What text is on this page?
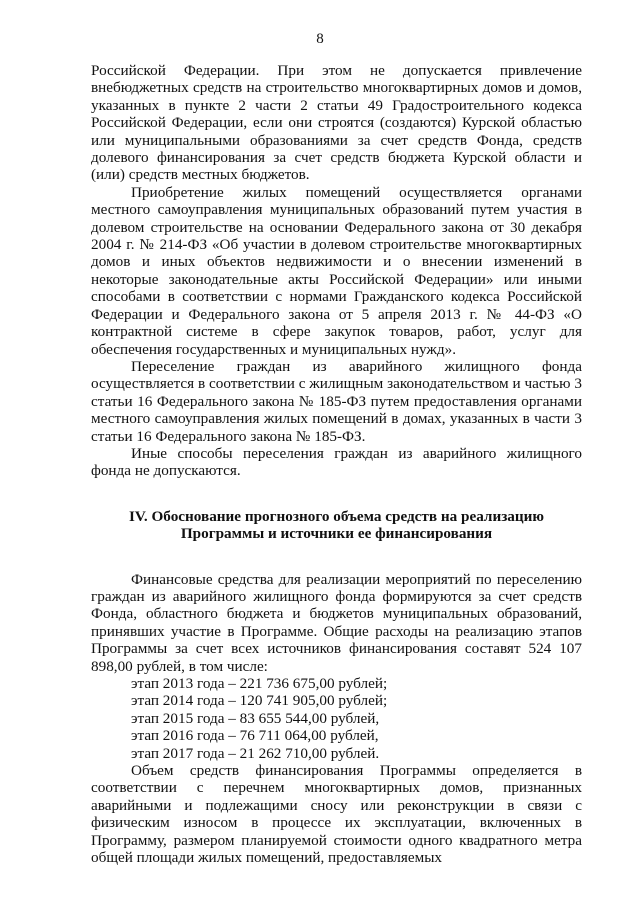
8

Российской Федерации. При этом не допускается привлечение внебюджетных средств на строительство многоквартирных домов и домов, указанных в пункте 2 части 2 статьи 49 Градостроительного кодекса Российской Федерации, если они строятся (создаются) Курской областью или муниципальными образованиями за счет средств Фонда, средств долевого финансирования за счет средств бюджета Курской области и (или) средств местных бюджетов.

Приобретение жилых помещений осуществляется органами местного самоуправления муниципальных образований путем участия в долевом строительстве на основании Федерального закона от 30 декабря 2004 г. № 214-ФЗ «Об участии в долевом строительстве многоквартирных домов и иных объектов недвижимости и о внесении изменений в некоторые законодательные акты Российской Федерации» или иными способами в соответствии с нормами Гражданского кодекса Российской Федерации и Федерального закона от 5 апреля 2013 г. № 44-ФЗ «О контрактной системе в сфере закупок товаров, работ, услуг для обеспечения государственных и муниципальных нужд».

Переселение граждан из аварийного жилищного фонда осуществляется в соответствии с жилищным законодательством и частью 3 статьи 16 Федерального закона № 185-ФЗ путем предоставления органами местного самоуправления жилых помещений в домах, указанных в части 3 статьи 16 Федерального закона № 185-ФЗ.

Иные способы переселения граждан из аварийного жилищного фонда не допускаются.

IV. Обоснование прогнозного объема средств на реализацию
Программы и источники ее финансирования

Финансовые средства для реализации мероприятий по переселению граждан из аварийного жилищного фонда формируются за счет средств Фонда, областного бюджета и бюджетов муниципальных образований, принявших участие в Программе. Общие расходы на реализацию этапов Программы за счет всех источников финансирования составят 524 107 898,00 рублей, в том числе:

этап 2013 года – 221 736 675,00 рублей;
этап 2014 года – 120 741 905,00 рублей;
этап 2015 года – 83 655 544,00 рублей,
этап 2016 года – 76 711 064,00 рублей,
этап 2017 года – 21 262 710,00 рублей.

Объем средств финансирования Программы определяется в соответствии с перечнем многоквартирных домов, признанных аварийными и подлежащими сносу или реконструкции в связи с физическим износом в процессе их эксплуатации, включенных в Программу, размером планируемой стоимости одного квадратного метра общей площади жилых помещений, предоставляемых
